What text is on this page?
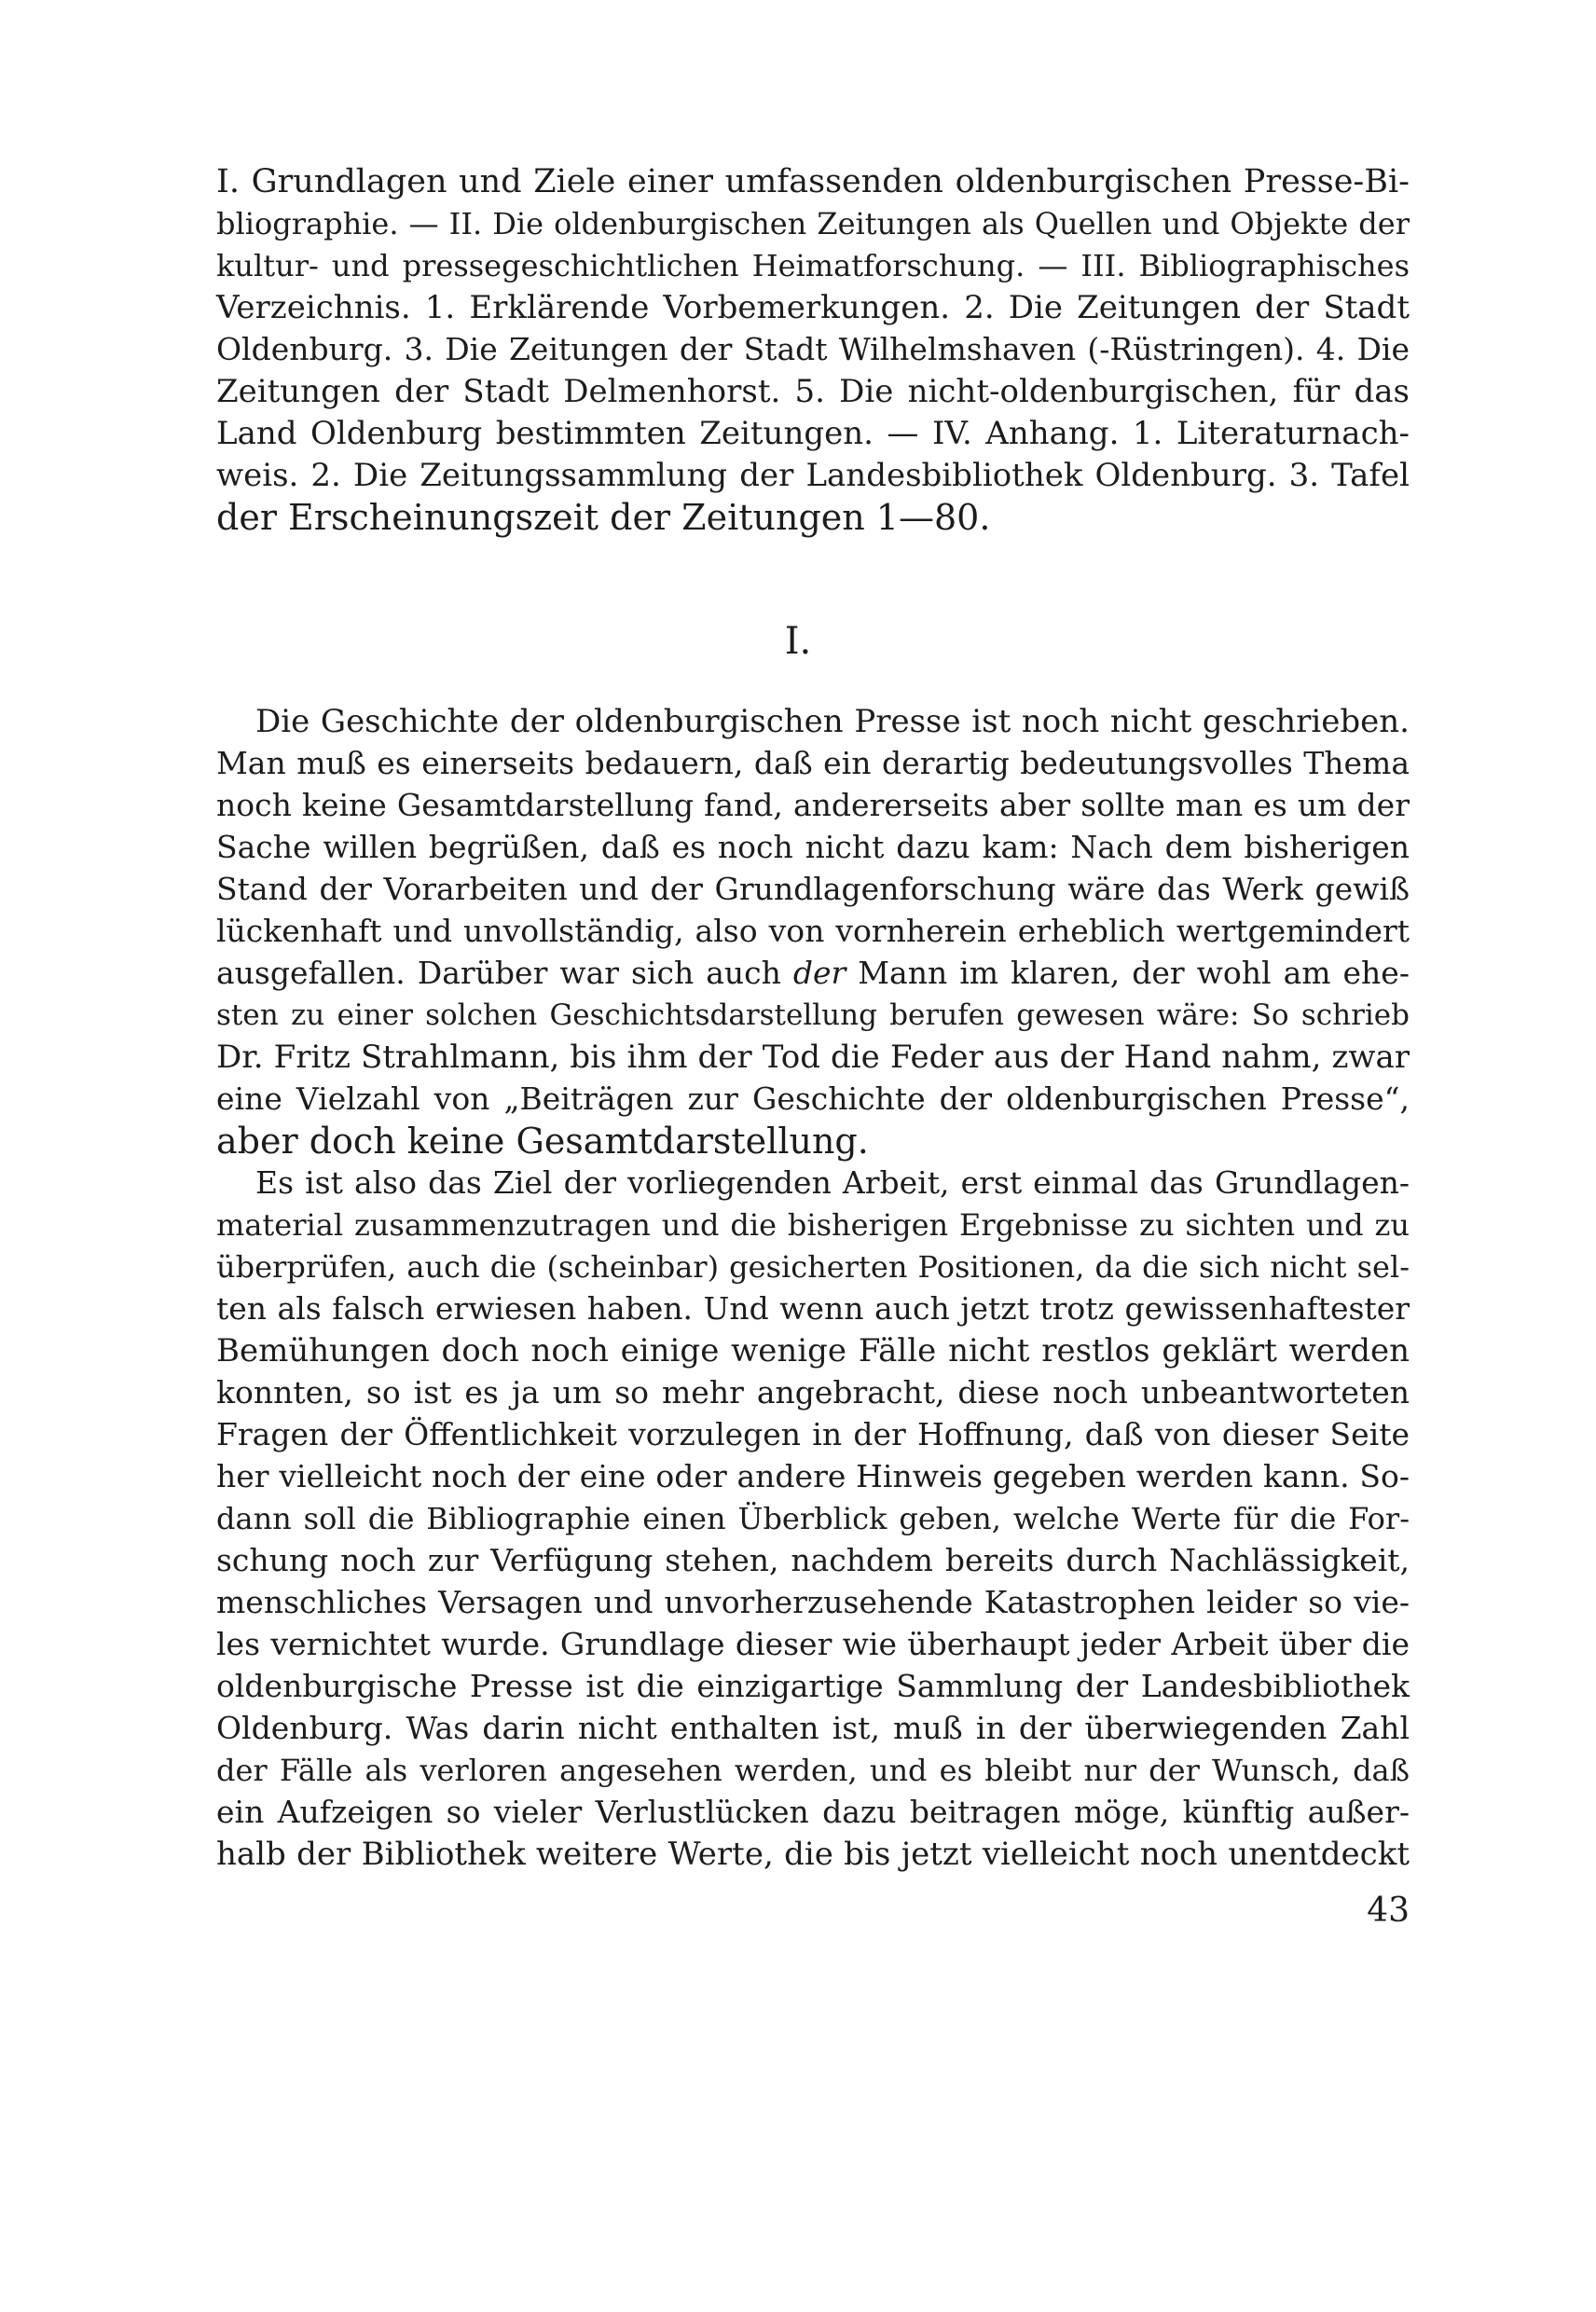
I. Grundlagen und Ziele einer umfassenden oldenburgischen Presse-Bi-
bliographie. — II. Die oldenburgischen Zeitungen als Quellen und Objekte der
kultur- und pressegeschichtlichen Heimatforschung. — III. Bibliographisches
Verzeichnis. 1. Erklärende Vorbemerkungen. 2. Die Zeitungen der Stadt
Oldenburg. 3. Die Zeitungen der Stadt Wilhelmshaven (-Rüstringen). 4. Die
Zeitungen der Stadt Delmenhorst. 5. Die nicht-oldenburgischen, für das
Land Oldenburg bestimmten Zeitungen. — IV. Anhang. 1. Literaturnach-
weis. 2. Die Zeitungssammlung der Landesbibliothek Oldenburg. 3. Tafel
der Erscheinungszeit der Zeitungen 1—80.
I.
Die Geschichte der oldenburgischen Presse ist noch nicht geschrieben.
Man muß es einerseits bedauern, daß ein derartig bedeutungsvolles Thema
noch keine Gesamtdarstellung fand, andererseits aber sollte man es um der
Sache willen begrüßen, daß es noch nicht dazu kam: Nach dem bisherigen
Stand der Vorarbeiten und der Grundlagenforschung wäre das Werk gewiß
lückenhaft und unvollständig, also von vornherein erheblich wertgemindert
ausgefallen. Darüber war sich auch der Mann im klaren, der wohl am ehe-
sten zu einer solchen Geschichtsdarstellung berufen gewesen wäre: So schrieb
Dr. Fritz Strahlmann, bis ihm der Tod die Feder aus der Hand nahm, zwar
eine Vielzahl von „Beiträgen zur Geschichte der oldenburgischen Presse“,
aber doch keine Gesamtdarstellung.
Es ist also das Ziel der vorliegenden Arbeit, erst einmal das Grundlagen-
material zusammenzutragen und die bisherigen Ergebnisse zu sichten und zu
überprüfen, auch die (scheinbar) gesicherten Positionen, da die sich nicht sel-
ten als falsch erwiesen haben. Und wenn auch jetzt trotz gewissenhaftester
Bemühungen doch noch einige wenige Fälle nicht restlos geklärt werden
konnten, so ist es ja um so mehr angebracht, diese noch unbeantworteten
Fragen der Öffentlichkeit vorzulegen in der Hoffnung, daß von dieser Seite
her vielleicht noch der eine oder andere Hinweis gegeben werden kann. So-
dann soll die Bibliographie einen Überblick geben, welche Werte für die For-
schung noch zur Verfügung stehen, nachdem bereits durch Nachlässigkeit,
menschliches Versagen und unvorherzusehende Katastrophen leider so vie-
les vernichtet wurde. Grundlage dieser wie überhaupt jeder Arbeit über die
oldenburgische Presse ist die einzigartige Sammlung der Landesbibliothek
Oldenburg. Was darin nicht enthalten ist, muß in der überwiegenden Zahl
der Fälle als verloren angesehen werden, und es bleibt nur der Wunsch, daß
ein Aufzeigen so vieler Verlustlücken dazu beitragen möge, künftig außer-
halb der Bibliothek weitere Werte, die bis jetzt vielleicht noch unentdeckt
43
